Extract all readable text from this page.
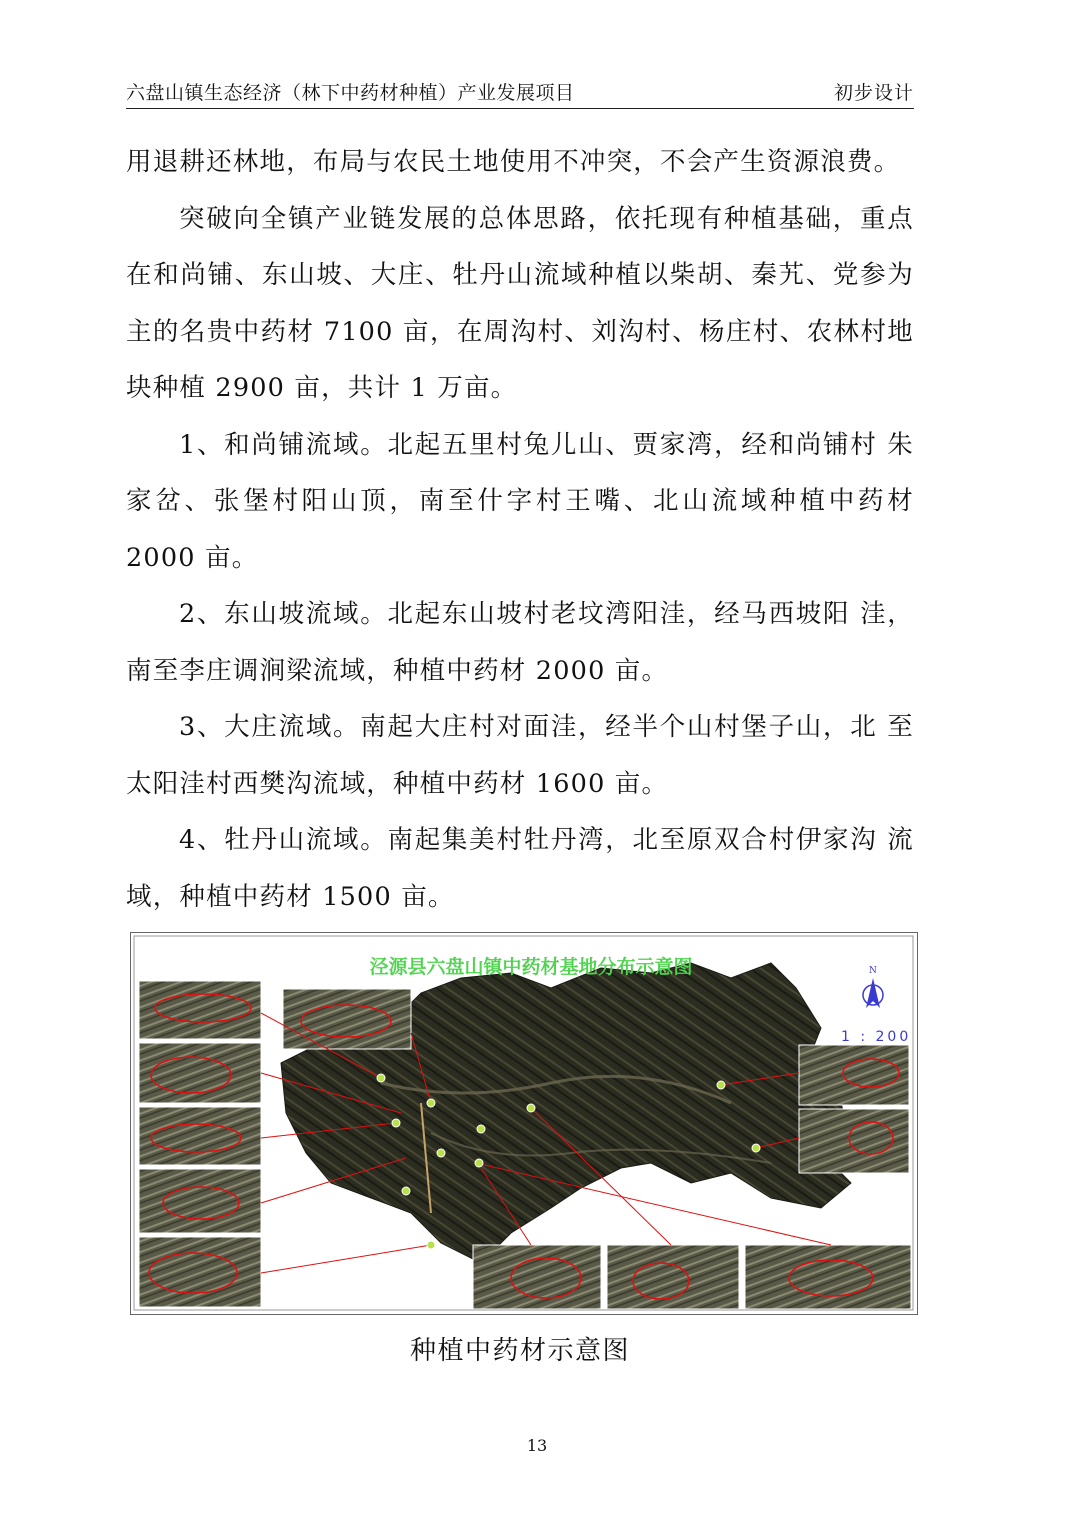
六盘山镇生态经济（林下中药材种植）产业发展项目	初步设计

用退耕还林地，布局与农民土地使用不冲突，不会产生资源浪费。

突破向全镇产业链发展的总体思路，依托现有种植基础，重点在和尚铺、东山坡、大庄、牡丹山流域种植以柴胡、秦艽、党参为主的名贵中药材 7100 亩，在周沟村、刘沟村、杨庄村、农林村地块种植 2900 亩，共计 1 万亩。

1、和尚铺流域。北起五里村兔儿山、贾家湾，经和尚铺村 朱家岔、张堡村阳山顶，南至什字村王嘴、北山流域种植中药材 2000 亩。

2、东山坡流域。北起东山坡村老坟湾阳洼，经马西坡阳 洼，南至李庄调涧梁流域，种植中药材 2000 亩。

3、大庄流域。南起大庄村对面洼，经半个山村堡子山，北 至太阳洼村西樊沟流域，种植中药材 1600 亩。

4、牡丹山流域。南起集美村牡丹湾，北至原双合村伊家沟 流域，种植中药材 1500 亩。

泾源县六盘山镇中药材基地分布示意图	N
1 : 200
种植中药材示意图
13
